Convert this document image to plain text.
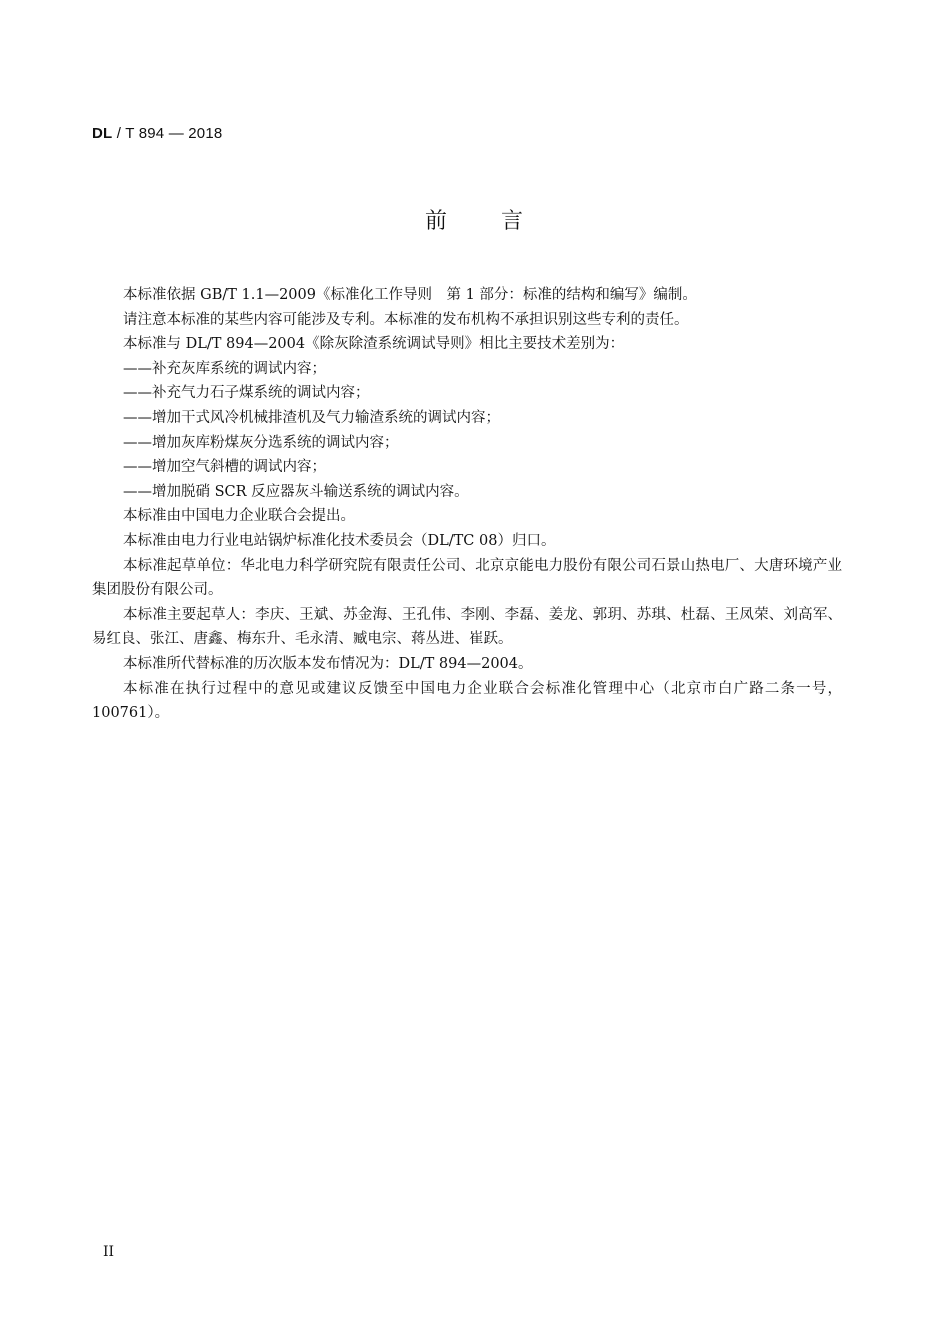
DL / T 894 — 2018
前 言

本标准依据 GB/T 1.1—2009《标准化工作导则　第 1 部分：标准的结构和编写》编制。

请注意本标准的某些内容可能涉及专利。本标准的发布机构不承担识别这些专利的责任。

本标准与 DL/T 894—2004《除灰除渣系统调试导则》相比主要技术差别为：

——补充灰库系统的调试内容；

——补充气力石子煤系统的调试内容；

——增加干式风冷机械排渣机及气力输渣系统的调试内容；

——增加灰库粉煤灰分选系统的调试内容；

——增加空气斜槽的调试内容；

——增加脱硝 SCR 反应器灰斗输送系统的调试内容。

本标准由中国电力企业联合会提出。

本标准由电力行业电站锅炉标准化技术委员会（DL/TC 08）归口。

本标准起草单位：华北电力科学研究院有限责任公司、北京京能电力股份有限公司石景山热电厂、大唐环境产业集团股份有限公司。

本标准主要起草人：李庆、王斌、苏金海、王孔伟、李刚、李磊、姜龙、郭玥、苏琪、杜磊、王凤荣、刘高军、易红良、张江、唐鑫、梅东升、毛永清、臧电宗、蒋丛进、崔跃。

本标准所代替标准的历次版本发布情况为：DL/T 894—2004。

本标准在执行过程中的意见或建议反馈至中国电力企业联合会标准化管理中心（北京市白广路二条一号，100761）。

II
